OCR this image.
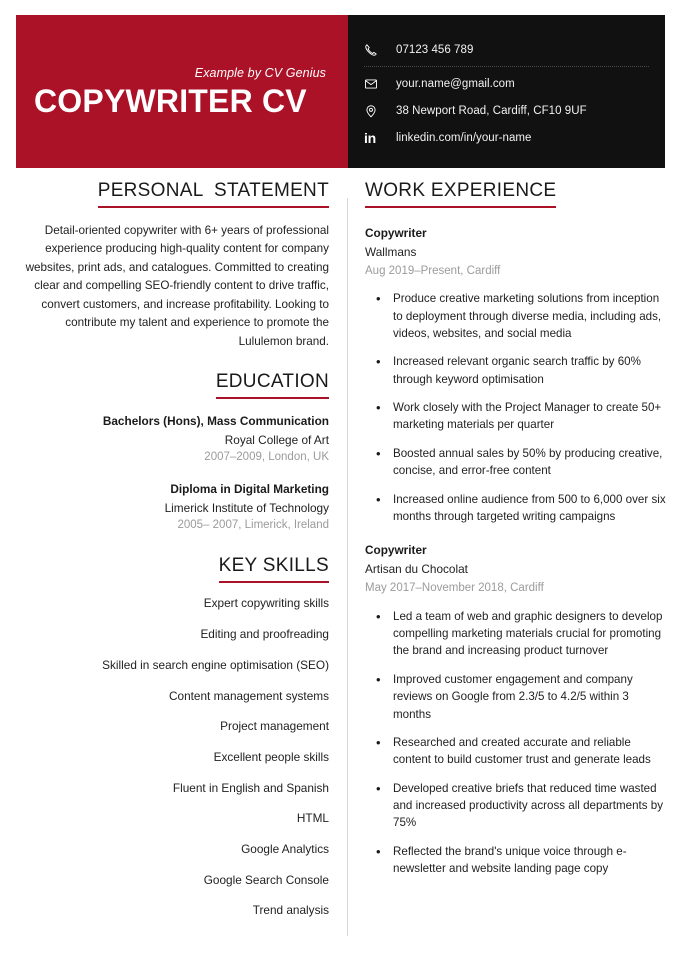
Example by CV Genius
COPYWRITER CV
07123 456 789
your.name@gmail.com
38 Newport Road, Cardiff, CF10 9UF
in	linkedin.com/in/your-name
PERSONAL  STATEMENT
Detail-oriented copywriter with 6+ years of professional experience producing high-quality content for company websites, print ads, and catalogues. Committed to creating clear and compelling SEO-friendly content to drive traffic, convert customers, and increase profitability. Looking to contribute my talent and experience to promote the Lululemon brand.
EDUCATION
Bachelors (Hons), Mass Communication
Royal College of Art
2007–2009, London, UK
Diploma in Digital Marketing
Limerick Institute of Technology
2005– 2007, Limerick, Ireland
KEY SKILLS
Expert copywriting skills
Editing and proofreading
Skilled in search engine optimisation (SEO)
Content management systems
Project management
Excellent people skills
Fluent in English and Spanish
HTML
Google Analytics
Google Search Console
Trend analysis
WORK EXPERIENCE
Copywriter
Wallmans
Aug 2019–Present, Cardiff
• Produce creative marketing solutions from inception to deployment through diverse media, including ads, videos, websites, and social media
• Increased relevant organic search traffic by 60% through keyword optimisation
• Work closely with the Project Manager to create 50+ marketing materials per quarter
• Boosted annual sales by 50% by producing creative, concise, and error-free content
• Increased online audience from 500 to 6,000 over six months through targeted writing campaigns
Copywriter
Artisan du Chocolat
May 2017–November 2018, Cardiff
• Led a team of web and graphic designers to develop compelling marketing materials crucial for promoting the brand and increasing product turnover
• Improved customer engagement and company reviews on Google from 2.3/5 to 4.2/5 within 3 months
• Researched and created accurate and reliable content to build customer trust and generate leads
• Developed creative briefs that reduced time wasted and increased productivity across all departments by 75%
• Reflected the brand's unique voice through e-newsletter and website landing page copy
